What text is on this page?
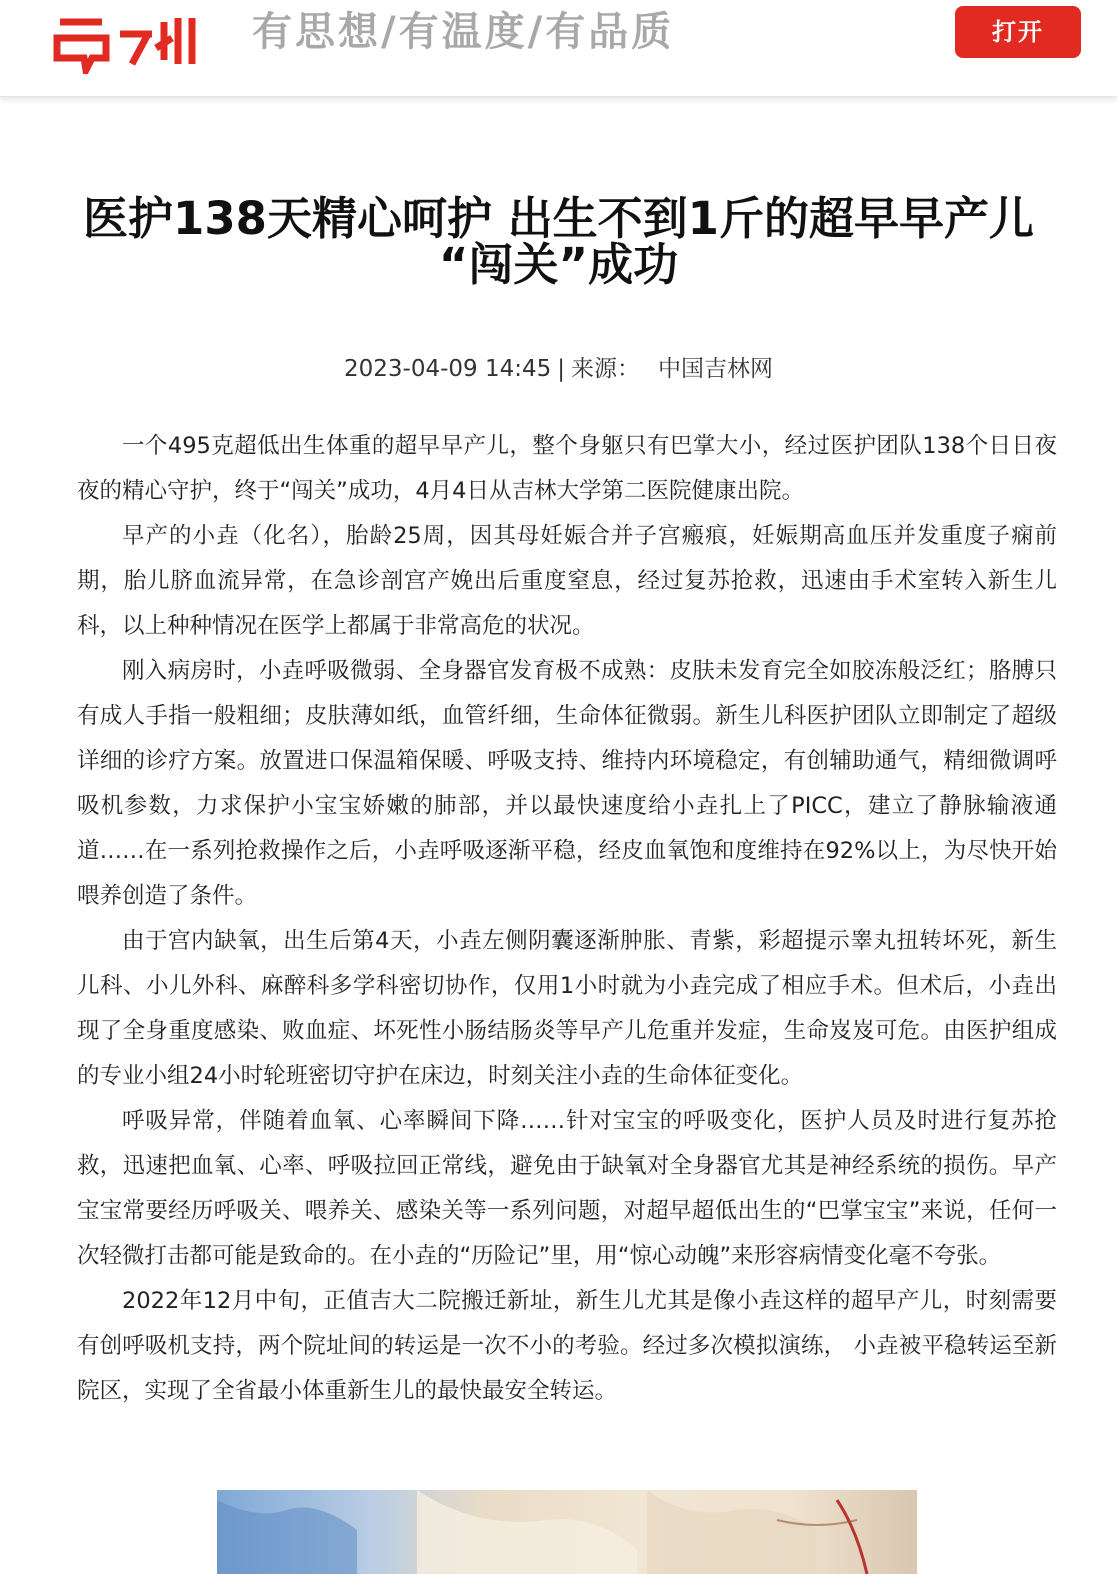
有思想/有温度/有品质	打开
医护138天精心呵护 出生不到1斤的超早早产儿
“闯关”成功
2023-04-09 14:45 | 来源： 中国吉林网

一个495克超低出生体重的超早早产儿，整个身躯只有巴掌大小，经过医护团队138个日日夜夜的精心守护，终于“闯关”成功，4月4日从吉林大学第二医院健康出院。

早产的小垚（化名），胎龄25周，因其母妊娠合并子宫瘢痕，妊娠期高血压并发重度子痫前期，胎儿脐血流异常，在急诊剖宫产娩出后重度窒息，经过复苏抢救，迅速由手术室转入新生儿科，以上种种情况在医学上都属于非常高危的状况。

刚入病房时，小垚呼吸微弱、全身器官发育极不成熟：皮肤未发育完全如胶冻般泛红；胳膊只有成人手指一般粗细；皮肤薄如纸，血管纤细，生命体征微弱。新生儿科医护团队立即制定了超级详细的诊疗方案。放置进口保温箱保暖、呼吸支持、维持内环境稳定，有创辅助通气，精细微调呼吸机参数，力求保护小宝宝娇嫩的肺部，并以最快速度给小垚扎上了PICC，建立了静脉输液通道……在一系列抢救操作之后，小垚呼吸逐渐平稳，经皮血氧饱和度维持在92%以上，为尽快开始喂养创造了条件。

由于宫内缺氧，出生后第4天，小垚左侧阴囊逐渐肿胀、青紫，彩超提示睾丸扭转坏死，新生儿科、小儿外科、麻醉科多学科密切协作，仅用1小时就为小垚完成了相应手术。但术后，小垚出现了全身重度感染、败血症、坏死性小肠结肠炎等早产儿危重并发症，生命岌岌可危。由医护组成的专业小组24小时轮班密切守护在床边，时刻关注小垚的生命体征变化。

呼吸异常，伴随着血氧、心率瞬间下降……针对宝宝的呼吸变化，医护人员及时进行复苏抢救，迅速把血氧、心率、呼吸拉回正常线，避免由于缺氧对全身器官尤其是神经系统的损伤。早产宝宝常要经历呼吸关、喂养关、感染关等一系列问题，对超早超低出生的“巴掌宝宝”来说，任何一次轻微打击都可能是致命的。在小垚的“历险记”里，用“惊心动魄”来形容病情变化毫不夸张。

2022年12月中旬，正值吉大二院搬迁新址，新生儿尤其是像小垚这样的超早产儿，时刻需要有创呼吸机支持，两个院址间的转运是一次不小的考验。经过多次模拟演练， 小垚被平稳转运至新院区，实现了全省最小体重新生儿的最快最安全转运。
